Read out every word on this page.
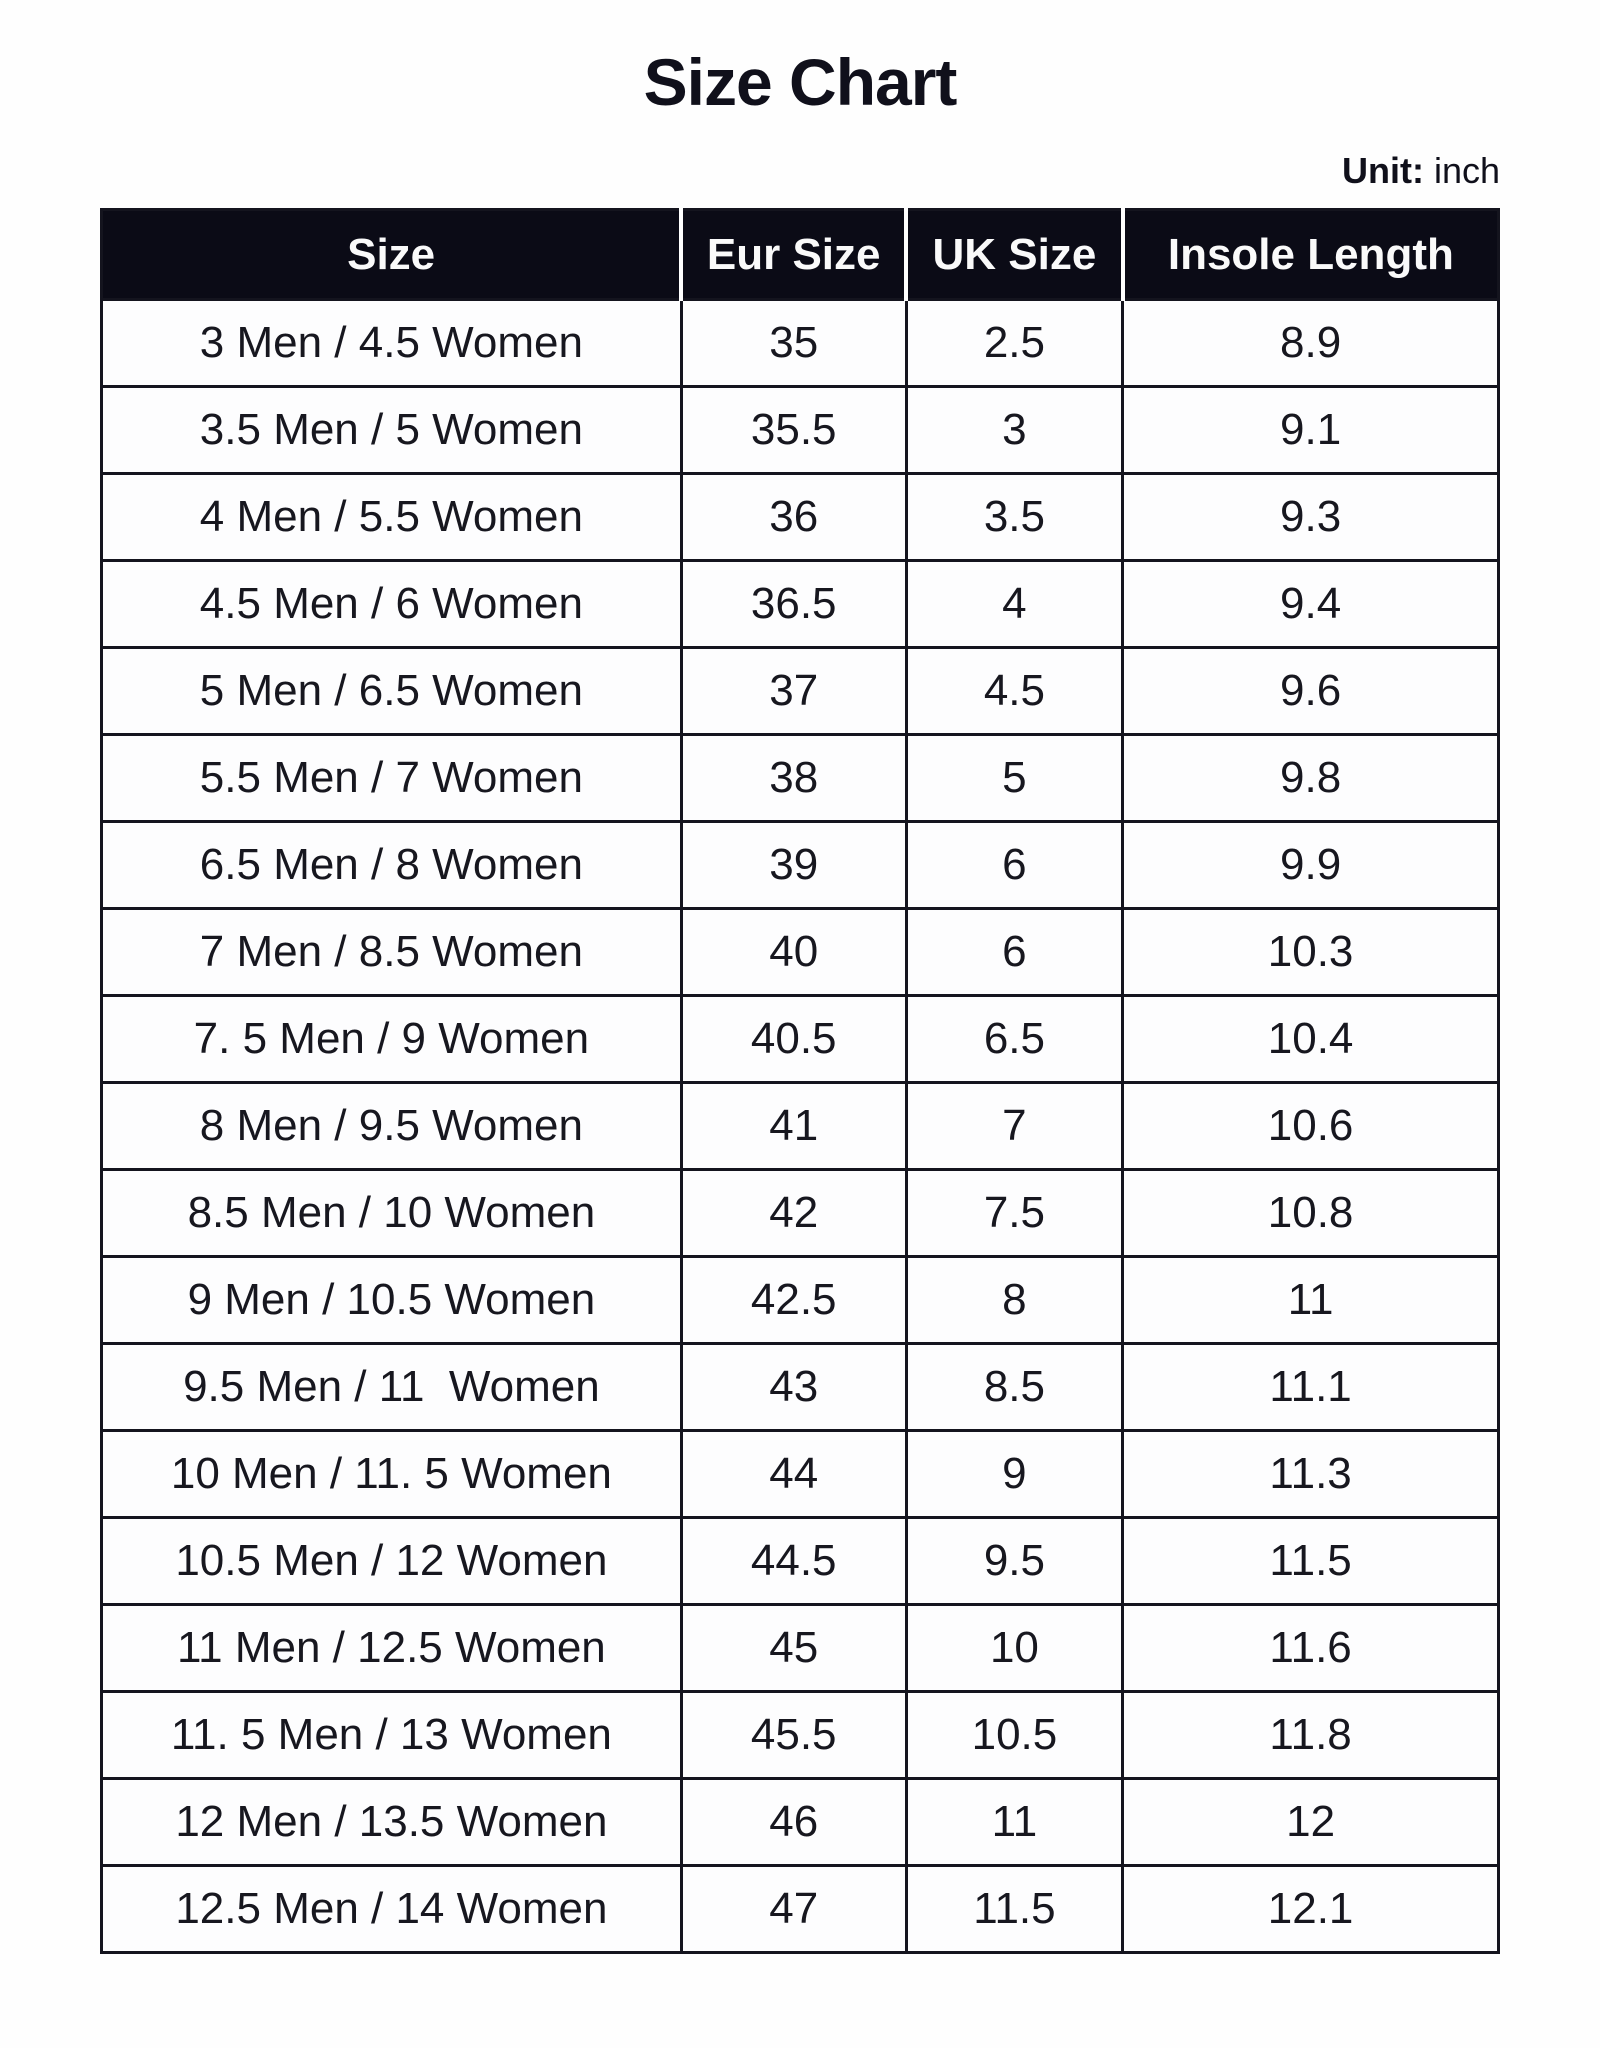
Size Chart
Unit: inch
Size	Eur Size	UK Size	Insole Length
3 Men / 4.5 Women	35	2.5	8.9
3.5 Men / 5 Women	35.5	3	9.1
4 Men / 5.5 Women	36	3.5	9.3
4.5 Men / 6 Women	36.5	4	9.4
5 Men / 6.5 Women	37	4.5	9.6
5.5 Men / 7 Women	38	5	9.8
6.5 Men / 8 Women	39	6	9.9
7 Men / 8.5 Women	40	6	10.3
7. 5 Men / 9 Women	40.5	6.5	10.4
8 Men / 9.5 Women	41	7	10.6
8.5 Men / 10 Women	42	7.5	10.8
9 Men / 10.5 Women	42.5	8	11
9.5 Men / 11  Women	43	8.5	11.1
10 Men / 11. 5 Women	44	9	11.3
10.5 Men / 12 Women	44.5	9.5	11.5
11 Men / 12.5 Women	45	10	11.6
11. 5 Men / 13 Women	45.5	10.5	11.8
12 Men / 13.5 Women	46	11	12
12.5 Men / 14 Women	47	11.5	12.1
